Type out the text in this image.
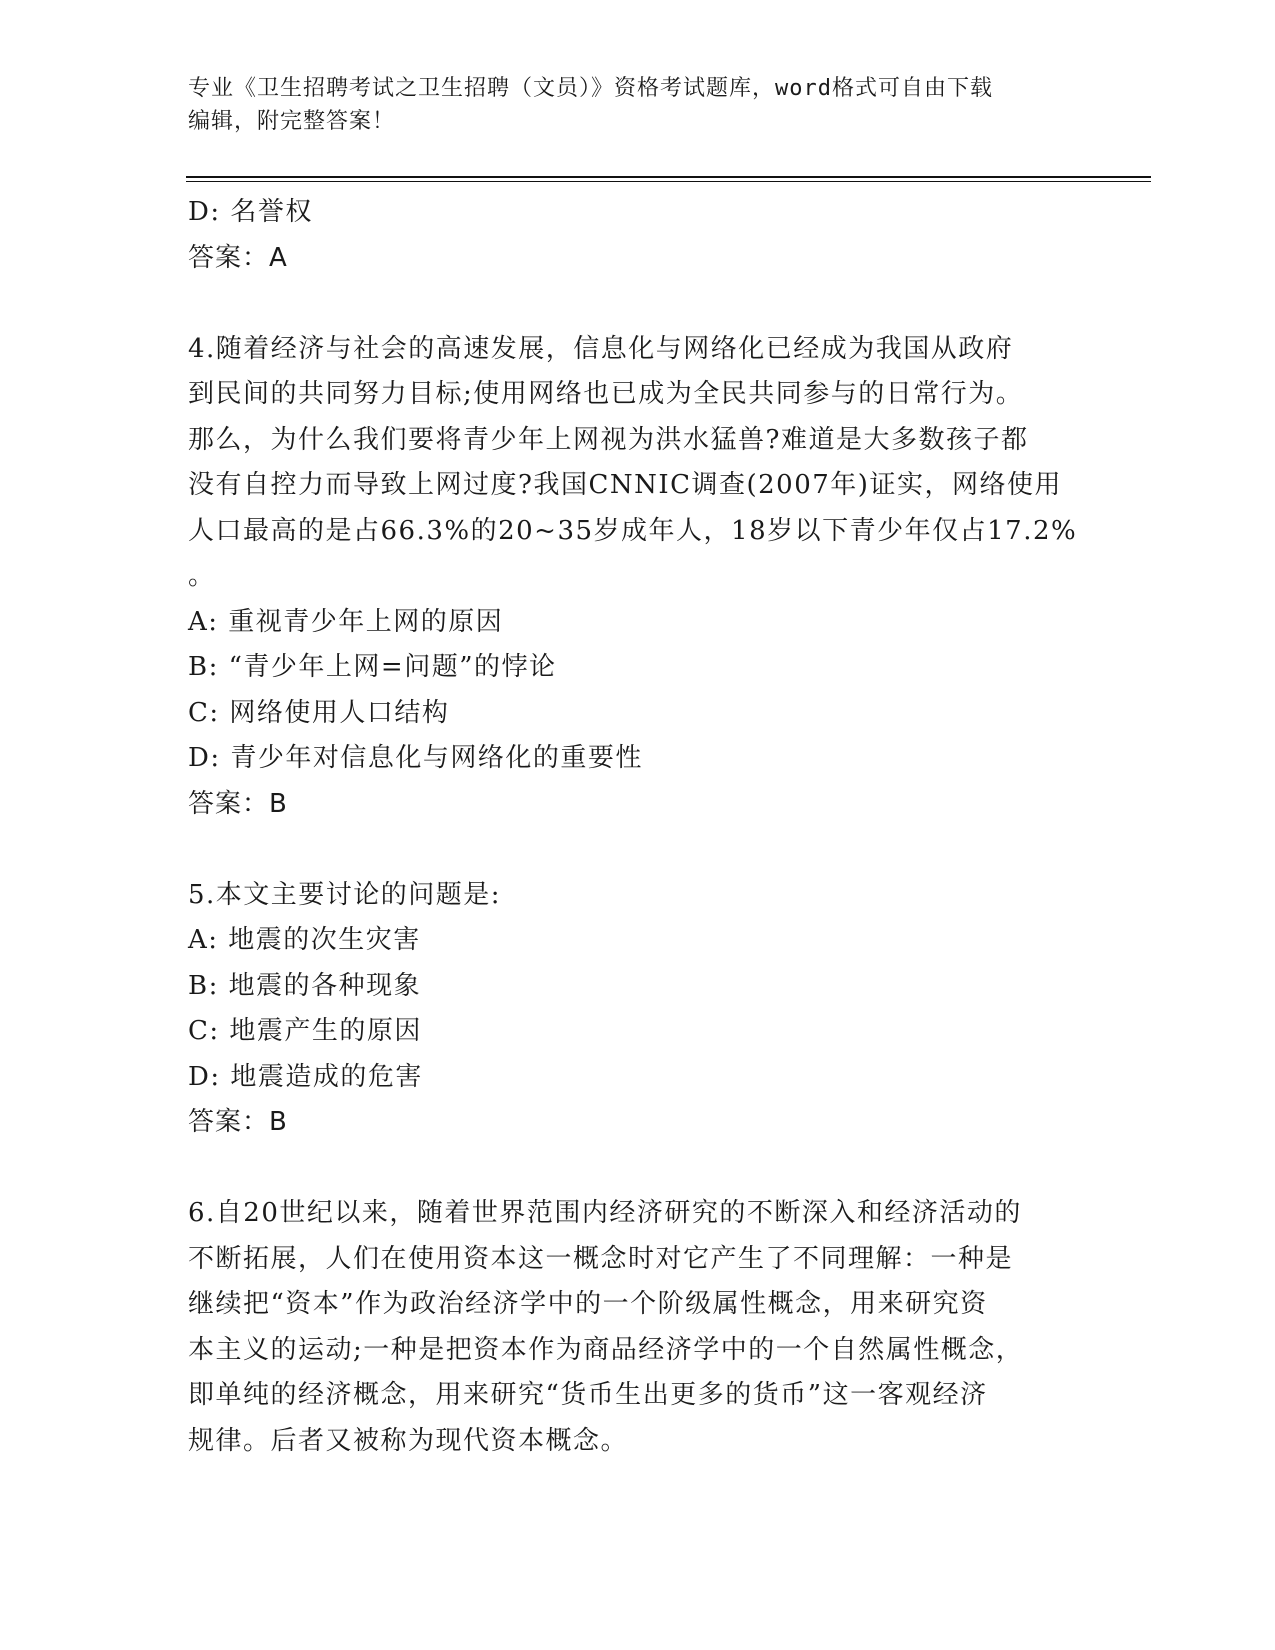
专业《卫生招聘考试之卫生招聘（文员）》资格考试题库，word格式可自由下载
编辑，附完整答案！
D: 名誉权
答案：A
4.随着经济与社会的高速发展，信息化与网络化已经成为我国从政府
到民间的共同努力目标;使用网络也已成为全民共同参与的日常行为。
那么，为什么我们要将青少年上网视为洪水猛兽?难道是大多数孩子都
没有自控力而导致上网过度?我国CNNIC调查(2007年)证实，网络使用
人口最高的是占66.3%的20~35岁成年人，18岁以下青少年仅占17.2%
。
A: 重视青少年上网的原因
B: “青少年上网=问题”的悖论
C: 网络使用人口结构
D: 青少年对信息化与网络化的重要性
答案：B
5.本文主要讨论的问题是:
A: 地震的次生灾害
B: 地震的各种现象
C: 地震产生的原因
D: 地震造成的危害
答案：B
6.自20世纪以来，随着世界范围内经济研究的不断深入和经济活动的
不断拓展，人们在使用资本这一概念时对它产生了不同理解：一种是
继续把“资本”作为政治经济学中的一个阶级属性概念，用来研究资
本主义的运动;一种是把资本作为商品经济学中的一个自然属性概念，
即单纯的经济概念，用来研究“货币生出更多的货币”这一客观经济
规律。后者又被称为现代资本概念。
